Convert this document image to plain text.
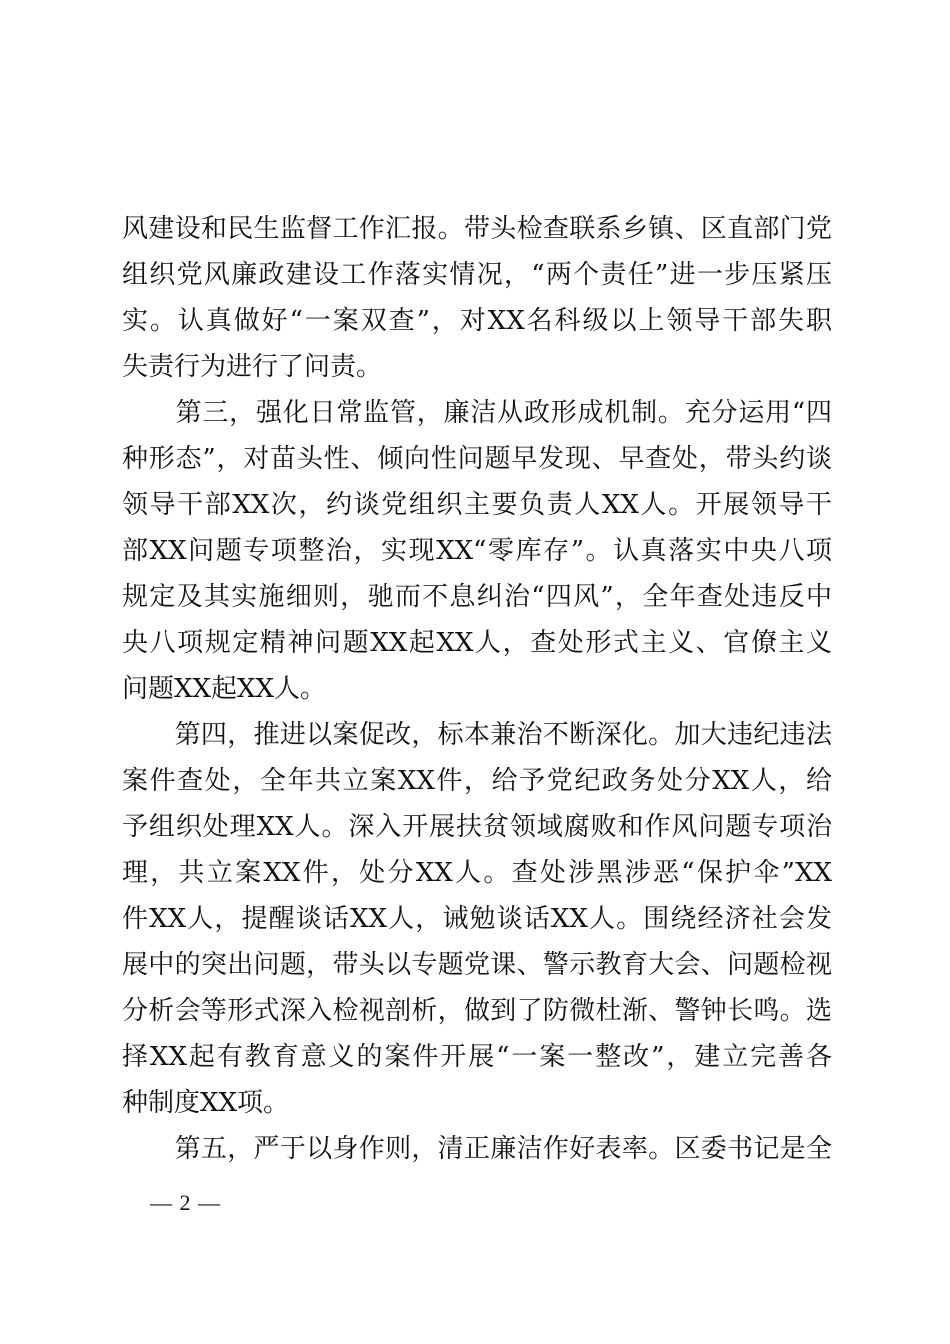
风建设和民生监督工作汇报。带头检查联系乡镇、区直部门党
组织党风廉政建设工作落实情况，“两个责任”进一步压紧压
实。认真做好“一案双查”，对XX名科级以上领导干部失职
失责行为进行了问责。
　　第三，强化日常监管，廉洁从政形成机制。充分运用“四
种形态”，对苗头性、倾向性问题早发现、早查处，带头约谈
领导干部XX次，约谈党组织主要负责人XX人。开展领导干
部XX问题专项整治，实现XX“零库存”。认真落实中央八项
规定及其实施细则，驰而不息纠治“四风”，全年查处违反中
央八项规定精神问题XX起XX人，查处形式主义、官僚主义
问题XX起XX人。
　　第四，推进以案促改，标本兼治不断深化。加大违纪违法
案件查处，全年共立案XX件，给予党纪政务处分XX人，给
予组织处理XX人。深入开展扶贫领域腐败和作风问题专项治
理，共立案XX件，处分XX人。查处涉黑涉恶“保护伞”XX
件XX人，提醒谈话XX人，诫勉谈话XX人。围绕经济社会发
展中的突出问题，带头以专题党课、警示教育大会、问题检视
分析会等形式深入检视剖析，做到了防微杜渐、警钟长鸣。选
择XX起有教育意义的案件开展“一案一整改”，建立完善各
种制度XX项。
　　第五，严于以身作则，清正廉洁作好表率。区委书记是全
— 2 —
